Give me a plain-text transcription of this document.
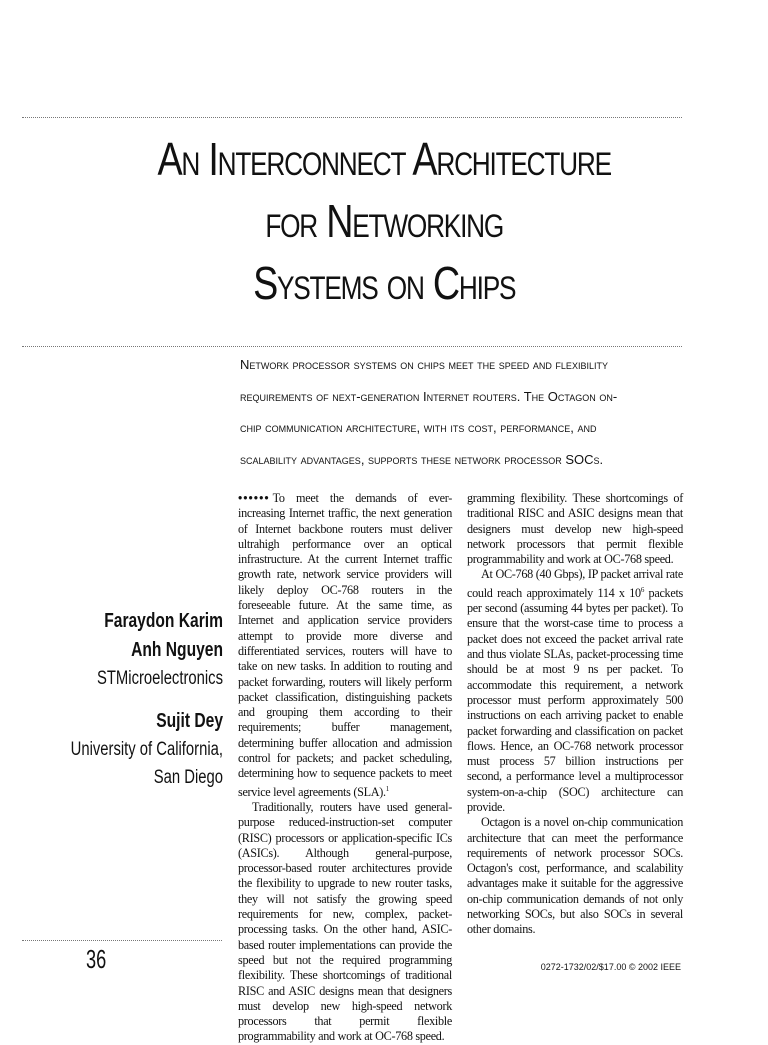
An Interconnect Architecture
for Networking
Systems on Chips
Network processor systems on chips meet the speed and flexibility
requirements of next-generation Internet routers. The Octagon on-
chip communication architecture, with its cost, performance, and
scalability advantages, supports these network processor SOCs.
Faraydon Karim
Anh Nguyen
STMicroelectronics
Sujit Dey
University of California,
San Diego

•••••• To meet the demands of ever-increasing Internet traffic, the next generation of Internet backbone routers must deliver ultrahigh performance over an optical infrastructure. At the current Internet traffic growth rate, network service providers will likely deploy OC-768 routers in the foreseeable future. At the same time, as Internet and application service providers attempt to provide more diverse and differentiated services, routers will have to take on new tasks. In addition to routing and packet forwarding, routers will likely perform packet classification, distinguishing packets and grouping them according to their requirements; buffer management, determining buffer allocation and admission control for packets; and packet scheduling, determining how to sequence packets to meet service level agreements (SLA).$^1$

Traditionally, routers have used general-purpose reduced-instruction-set computer (RISC) processors or application-specific ICs (ASICs). Although general-purpose, processor-based router architectures provide the flexibility to upgrade to new router tasks, they will not satisfy the growing speed requirements for new, complex, packet-processing tasks. On the other hand, ASIC-based router implementations can provide the speed but not the required programming flexibility. These shortcomings of traditional RISC and ASIC designs mean that designers must develop new high-speed network processors that permit flexible programmability and work at OC-768 speed.

gramming flexibility. These shortcomings of traditional RISC and ASIC designs mean that designers must develop new high-speed network processors that permit flexible programmability and work at OC-768 speed.

At OC-768 (40 Gbps), IP packet arrival rate could reach approximately 114 x $10^6$ packets per second (assuming 44 bytes per packet). To ensure that the worst-case time to process a packet does not exceed the packet arrival rate and thus violate SLAs, packet-processing time should be at most 9 ns per packet. To accommodate this requirement, a network processor must perform approximately 500 instructions on each arriving packet to enable packet forwarding and classification on packet flows. Hence, an OC-768 network processor must process 57 billion instructions per second, a performance level a multiprocessor system-on-a-chip (SOC) architecture can provide.

Octagon is a novel on-chip communication architecture that can meet the performance requirements of network processor SOCs. Octagon's cost, performance, and scalability advantages make it suitable for the aggressive on-chip communication demands of not only networking SOCs, but also SOCs in several other domains.

36	0272-1732/02/$17.00 © 2002 IEEE
